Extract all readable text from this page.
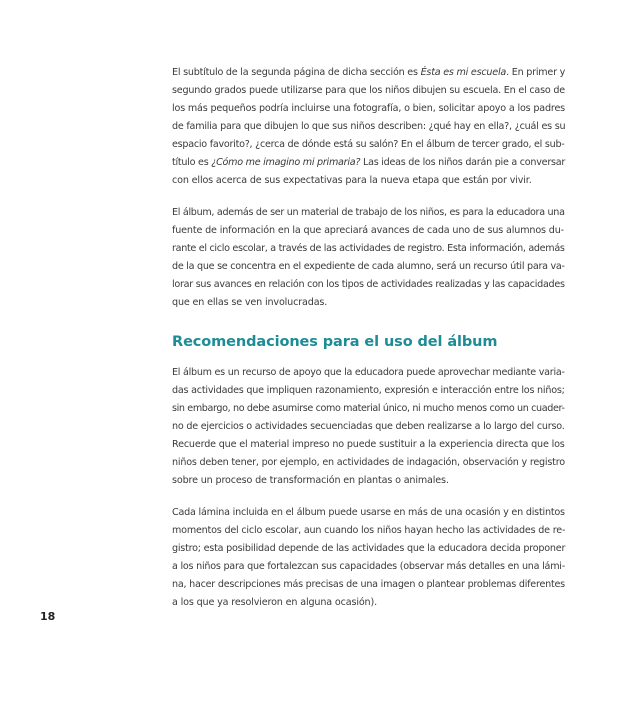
El subtítulo de la segunda página de dicha sección es Ésta es mi escuela. En primer y
segundo grados puede utilizarse para que los niños dibujen su escuela. En el caso de
los más pequeños podría incluirse una fotografía, o bien, solicitar apoyo a los padres
de familia para que dibujen lo que sus niños describen: ¿qué hay en ella?, ¿cuál es su
espacio favorito?, ¿cerca de dónde está su salón? En el álbum de tercer grado, el sub-
título es ¿Cómo me imagino mi primaria? Las ideas de los niños darán pie a conversar
con ellos acerca de sus expectativas para la nueva etapa que están por vivir.

El álbum, además de ser un material de trabajo de los niños, es para la educadora una
fuente de información en la que apreciará avances de cada uno de sus alumnos du-
rante el ciclo escolar, a través de las actividades de registro. Esta información, además
de la que se concentra en el expediente de cada alumno, será un recurso útil para va-
lorar sus avances en relación con los tipos de actividades realizadas y las capacidades
que en ellas se ven involucradas.

Recomendaciones para el uso del álbum

El álbum es un recurso de apoyo que la educadora puede aprovechar mediante varia-
das actividades que impliquen razonamiento, expresión e interacción entre los niños;
sin embargo, no debe asumirse como material único, ni mucho menos como un cuader-
no de ejercicios o actividades secuenciadas que deben realizarse a lo largo del curso.
Recuerde que el material impreso no puede sustituir a la experiencia directa que los
niños deben tener, por ejemplo, en actividades de indagación, observación y registro
sobre un proceso de transformación en plantas o animales.

Cada lámina incluida en el álbum puede usarse en más de una ocasión y en distintos
momentos del ciclo escolar, aun cuando los niños hayan hecho las actividades de re-
gistro; esta posibilidad depende de las actividades que la educadora decida proponer
a los niños para que fortalezcan sus capacidades (observar más detalles en una lámi-
na, hacer descripciones más precisas de una imagen o plantear problemas diferentes
a los que ya resolvieron en alguna ocasión).

18
